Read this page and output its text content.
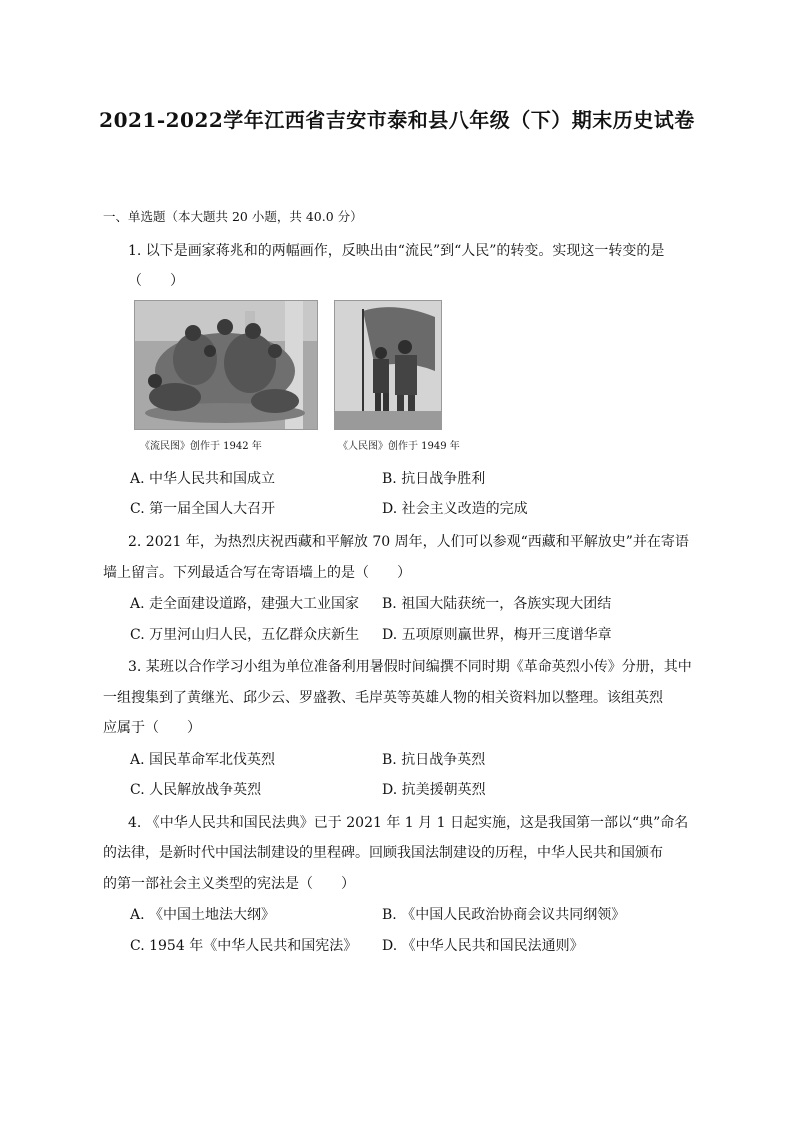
2021-2022学年江西省吉安市泰和县八年级（下）期末历史试卷
一、单选题（本大题共 20 小题，共 40.0 分）
1. 以下是画家蒋兆和的两幅画作，反映出由“流民”到“人民”的转变。实现这一转变的是
（　　）
《流民图》创作于 1942 年	《人民图》创作于 1949 年
A. 中华人民共和国成立	B. 抗日战争胜利
C. 第一届全国人大召开	D. 社会主义改造的完成
2. 2021 年，为热烈庆祝西藏和平解放 70 周年，人们可以参观“西藏和平解放史”并在寄语
墙上留言。下列最适合写在寄语墙上的是（　　）
A. 走全面建设道路，建强大工业国家 B. 祖国大陆获统一，各族实现大团结
C. 万里河山归人民，五亿群众庆新生 D. 五项原则赢世界，梅开三度谱华章
3. 某班以合作学习小组为单位准备利用暑假时间编撰不同时期《革命英烈小传》分册，其中
一组搜集到了黄继光、邱少云、罗盛教、毛岸英等英雄人物的相关资料加以整理。该组英烈
应属于（　　）
A. 国民革命军北伐英烈	B. 抗日战争英烈
C. 人民解放战争英烈	D. 抗美援朝英烈
4. 《中华人民共和国民法典》已于 2021 年 1 月 1 日起实施，这是我国第一部以“典”命名
的法律，是新时代中国法制建设的里程碑。回顾我国法制建设的历程，中华人民共和国颁布
的第一部社会主义类型的宪法是（　　）
A. 《中国土地法大纲》	B. 《中国人民政治协商会议共同纲领》
C. 1954 年《中华人民共和国宪法》 D. 《中华人民共和国民法通则》
